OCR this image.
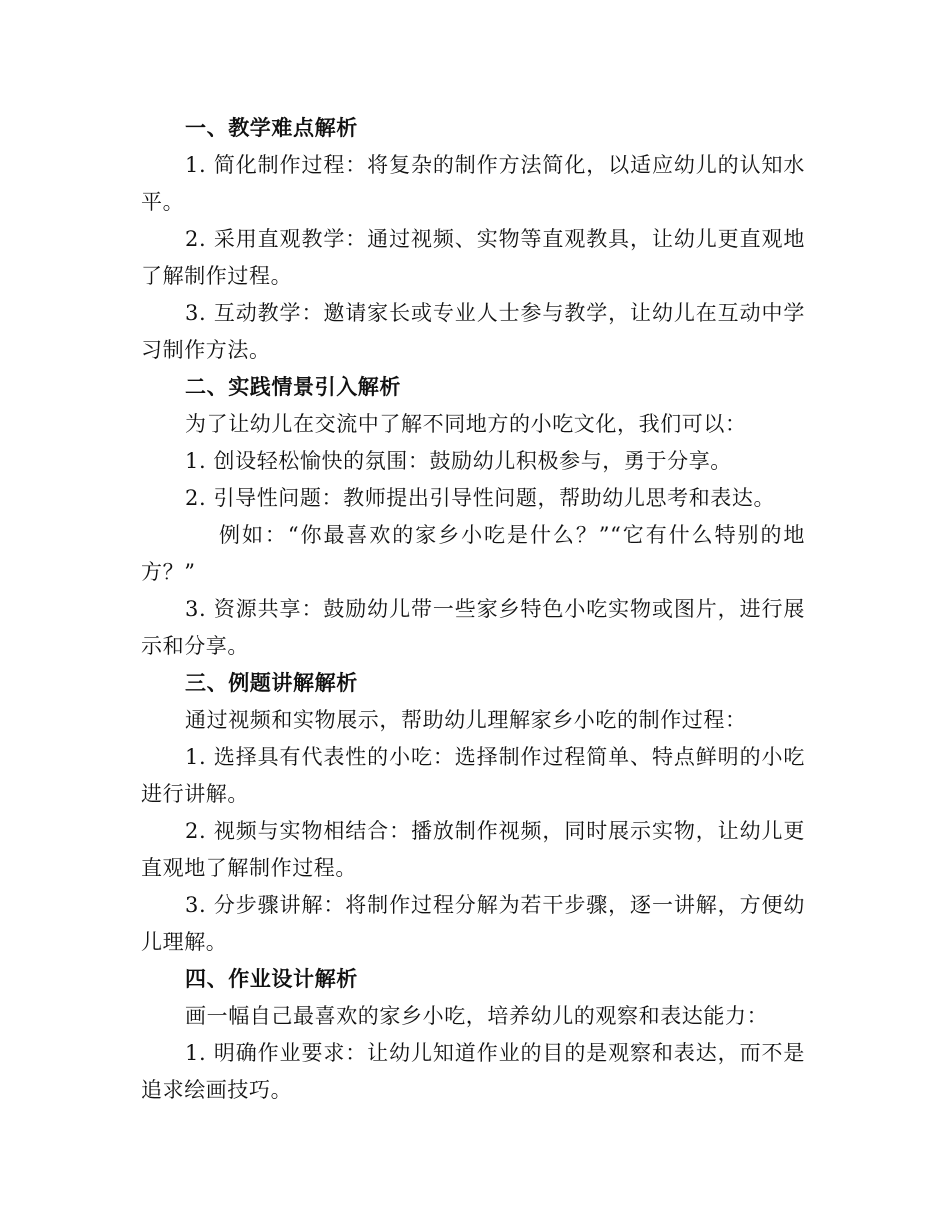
一、教学难点解析

1. 简化制作过程：将复杂的制作方法简化，以适应幼儿的认知水平。

2. 采用直观教学：通过视频、实物等直观教具，让幼儿更直观地了解制作过程。

3. 互动教学：邀请家长或专业人士参与教学，让幼儿在互动中学习制作方法。

二、实践情景引入解析

为了让幼儿在交流中了解不同地方的小吃文化，我们可以：

1. 创设轻松愉快的氛围：鼓励幼儿积极参与，勇于分享。

2. 引导性问题：教师提出引导性问题，帮助幼儿思考和表达。

例如：“你最喜欢的家乡小吃是什么？”“它有什么特别的地方？”

3. 资源共享：鼓励幼儿带一些家乡特色小吃实物或图片，进行展示和分享。

三、例题讲解解析

通过视频和实物展示，帮助幼儿理解家乡小吃的制作过程：

1. 选择具有代表性的小吃：选择制作过程简单、特点鲜明的小吃进行讲解。

2. 视频与实物相结合：播放制作视频，同时展示实物，让幼儿更直观地了解制作过程。

3. 分步骤讲解：将制作过程分解为若干步骤，逐一讲解，方便幼儿理解。

四、作业设计解析

画一幅自己最喜欢的家乡小吃，培养幼儿的观察和表达能力：

1. 明确作业要求：让幼儿知道作业的目的是观察和表达，而不是追求绘画技巧。
